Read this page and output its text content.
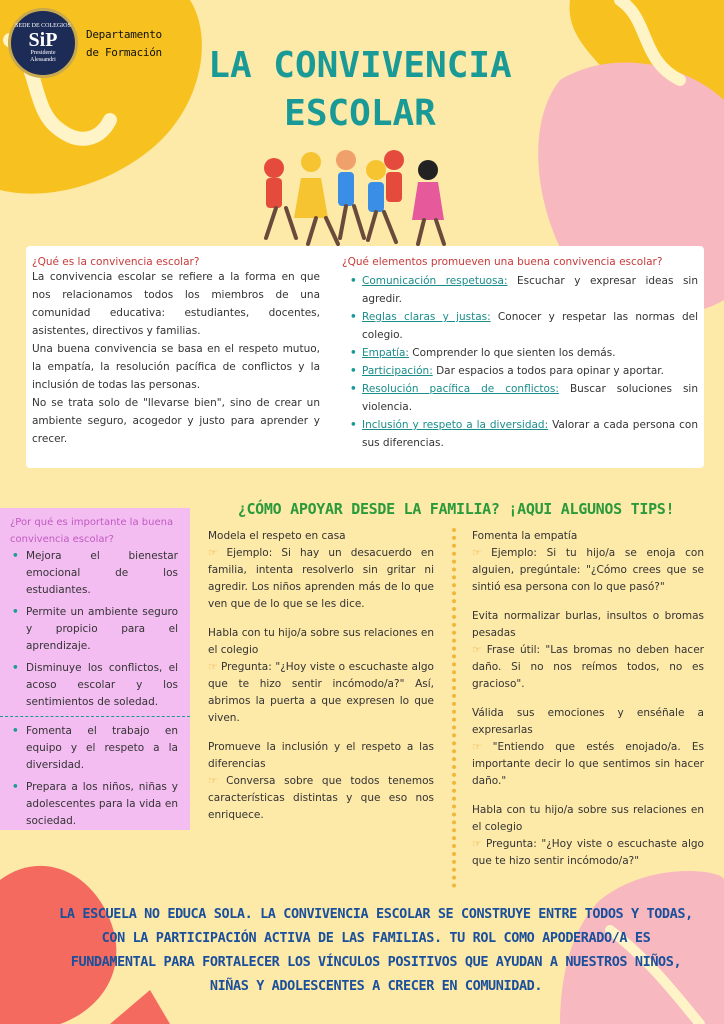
SEDE DE COLEGIOS
SiP
Presidente
Alessandri
Departamento
de Formación	LA CONVIVENCIA
ESCOLAR
¿Qué es la convivencia escolar?
La convivencia escolar se refiere a la forma en que nos relacionamos todos los miembros de una comunidad educativa: estudiantes, docentes, asistentes, directivos y familias.
Una buena convivencia se basa en el respeto mutuo, la empatía, la resolución pacífica de conflictos y la inclusión de todas las personas.
No se trata solo de "llevarse bien", sino de crear un ambiente seguro, acogedor y justo para aprender y crecer.
¿Qué elementos promueven una buena convivencia escolar?
• Comunicación respetuosa: Escuchar y expresar ideas sin agredir.
• Reglas claras y justas: Conocer y respetar las normas del colegio.
• Empatía: Comprender lo que sienten los demás.
• Participación: Dar espacios a todos para opinar y aportar.
• Resolución pacífica de conflictos: Buscar soluciones sin violencia.
• Inclusión y respeto a la diversidad: Valorar a cada persona con sus diferencias.
¿Por qué es importante la buena convivencia escolar?
• Mejora el bienestar emocional de los estudiantes.
• Permite un ambiente seguro y propicio para el aprendizaje.
• Disminuye los conflictos, el acoso escolar y los sentimientos de soledad.
• Fomenta el trabajo en equipo y el respeto a la diversidad.
• Prepara a los niños, niñas y adolescentes para la vida en sociedad.
¿CÓMO APOYAR DESDE LA FAMILIA? ¡AQUI ALGUNOS TIPS!
Modela el respeto en casa
☞ Ejemplo: Si hay un desacuerdo en familia, intenta resolverlo sin gritar ni agredir. Los niños aprenden más de lo que ven que de lo que se les dice.
Habla con tu hijo/a sobre sus relaciones en el colegio
☞ Pregunta: "¿Hoy viste o escuchaste algo que te hizo sentir incómodo/a?" Así, abrimos la puerta a que expresen lo que viven.
Promueve la inclusión y el respeto a las diferencias
☞ Conversa sobre que todos tenemos características distintas y que eso nos enriquece.
Fomenta la empatía
☞ Ejemplo: Si tu hijo/a se enoja con alguien, pregúntale: "¿Cómo crees que se sintió esa persona con lo que pasó?"
Evita normalizar burlas, insultos o bromas pesadas
☞ Frase útil: "Las bromas no deben hacer daño. Si no nos reímos todos, no es gracioso".
Válida sus emociones y enséñale a expresarlas
☞ "Entiendo que estés enojado/a. Es importante decir lo que sentimos sin hacer daño."
Habla con tu hijo/a sobre sus relaciones en el colegio
☞ Pregunta: "¿Hoy viste o escuchaste algo que te hizo sentir incómodo/a?"
LA ESCUELA NO EDUCA SOLA. LA CONVIVENCIA ESCOLAR SE CONSTRUYE ENTRE TODOS Y TODAS, CON LA PARTICIPACIÓN ACTIVA DE LAS FAMILIAS. TU ROL COMO APODERADO/A ES FUNDAMENTAL PARA FORTALECER LOS VÍNCULOS POSITIVOS QUE AYUDAN A NUESTROS NIÑOS, NIÑAS Y ADOLESCENTES A CRECER EN COMUNIDAD.
